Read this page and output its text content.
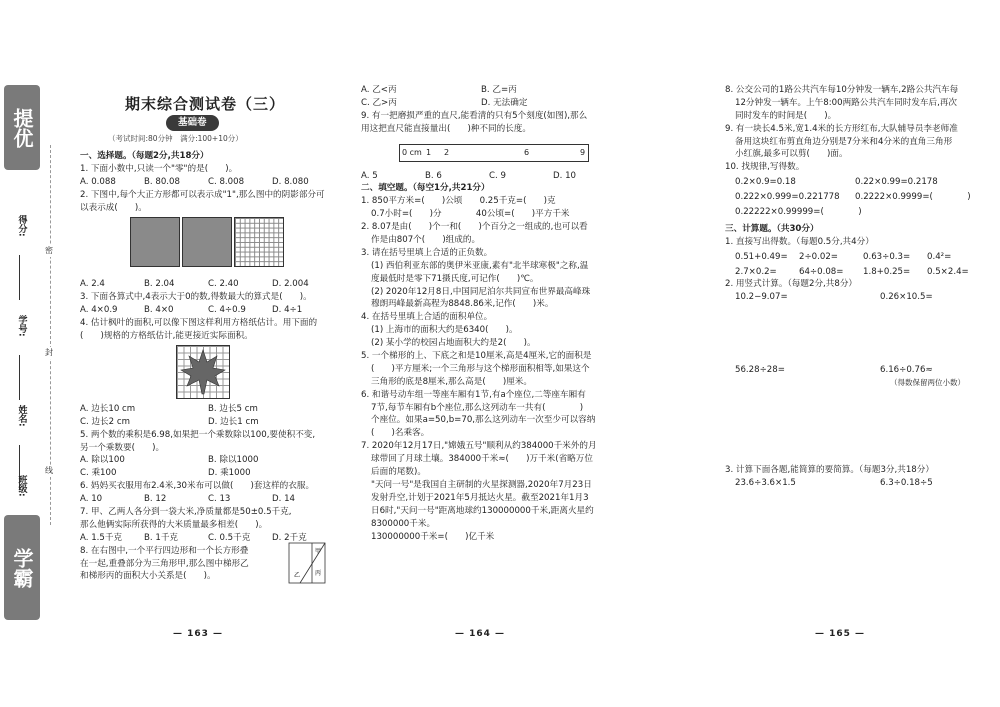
提优
学霸
得分:
学号:
姓名:
班级:
密
封
线
期末综合测试卷（三）
基础卷
（考试时间:80分钟　满分:100+10分）
一、选择题。（每题2分,共18分）
1. 下面小数中,只读一个"零"的是(　　)。
A. 0.088	B. 80.08	C. 8.008	D. 8.080
2. 下图中,每个大正方形都可以表示成"1",那么图中的阴影部分可
以表示成(　　)。
A. 2.4	B. 2.04	C. 2.40	D. 2.004
3. 下面各算式中,4表示大于0的数,得数最大的算式是(　　)。
A. 4×0.9	B. 4×0	C. 4÷0.9	D. 4÷1
4. 估计枫叶的面积,可以像下图这样利用方格纸估计。用下面的
(　　)规格的方格纸估计,能更接近实际面积。
A. 边长10 cm	B. 边长5 cm
C. 边长2 cm	D. 边长1 cm
5. 两个数的乘积是6.98,如果把一个乘数除以100,要使积不变,
另一个乘数要(　　)。
A. 除以100	B. 除以1000
C. 乘100	D. 乘1000
6. 妈妈买衣服用布2.4米,30米布可以做(　　)套这样的衣服。
A. 10	B. 12	C. 13	D. 14
7. 甲、乙两人各分到一袋大米,净质量都是50±0.5千克,
那么他俩实际所获得的大米质量最多相差(　　)。
A. 1.5千克	B. 1千克	C. 0.5千克	D. 2千克
8. 在右图中,一个平行四边形和一个长方形叠
在一起,重叠部分为三角形甲,那么图中梯形乙
和梯形丙的面积大小关系是(　　)。
甲
乙 丙
— 163 —
A. 乙<丙	B. 乙=丙
C. 乙>丙	D. 无法确定
9. 有一把磨损严重的直尺,能看清的只有5个刻度(如图),那么
用这把直尺能直接量出(　　)种不同的长度。
0 cm 1 2	6	9
A. 5	B. 6	C. 9	D. 10
二、填空题。（每空1分,共21分）
1. 850平方米=(　　)公顷　　0.25千克=(　　)克
0.7小时=(　　)分　　　　40公顷=(　　)平方千米
2. 8.07是由(　　)个一和(　　)个百分之一组成的,也可以看
作是由807个(　　)组成的。
3. 请在括号里填上合适的正负数。
(1) 西伯利亚东部的奥伊米亚康,素有"北半球寒极"之称,温
度最低时是零下71摄氏度,可记作(　　)℃。
(2) 2020年12月8日,中国同尼泊尔共同宣布世界最高峰珠
穆朗玛峰最新高程为8848.86米,记作(　　)米。
4. 在括号里填上合适的面积单位。
(1) 上海市的面积大约是6340(　　)。
(2) 某小学的校园占地面积大约是2(　　)。
5. 一个梯形的上、下底之和是10厘米,高是4厘米,它的面积是
(　　)平方厘米;一个三角形与这个梯形面积相等,如果这个
三角形的底是8厘米,那么高是(　　)厘米。
6. 和谐号动车组一等座车厢有1节,有a个座位,二等座车厢有
7节,每节车厢有b个座位,那么这列动车一共有(　　　　)
个座位。如果a=50,b=70,那么这列动车一次至少可以容纳
(　　)名乘客。
7. 2020年12月17日,"嫦娥五号"顺利从约384000千米外的月
球带回了月球土壤。384000千米≈(　　)万千米(省略万位
后面的尾数)。
"天问一号"是我国自主研制的火星探测器,2020年7月23日
发射升空,计划于2021年5月抵达火星。截至2021年1月3
日6时,"天问一号"距离地球约130000000千米,距离火星约
8300000千米。
130000000千米=(　　)亿千米
— 164 —
8. 公交公司的1路公共汽车每10分钟发一辆车,2路公共汽车每
12分钟发一辆车。上午8:00两路公共汽车同时发车后,再次
同时发车的时间是(　　)。
9. 有一块长4.5米,宽1.4米的长方形红布,大队辅导员李老师准
备用这块红布剪直角边分别是7分米和4分米的直角三角形
小红旗,最多可以剪(　　)面。
10. 找规律,写得数。
0.2×0.9=0.18	0.22×0.99=0.2178
0.222×0.999=0.221778	0.2222×0.9999=(　　　　)
0.22222×0.99999=(　　　　)
三、计算题。（共30分）
1. 直接写出得数。（每题0.5分,共4分）
0.51+0.49=	2÷0.02=	0.63÷0.3=	0.4²=
2.7×0.2=	64÷0.08=	1.8+0.25=	0.5×2.4=
2. 用竖式计算。（每题2分,共8分）
10.2−9.07=	0.26×10.5=
56.28÷28=	6.16÷0.76≈
（得数保留两位小数）
3. 计算下面各题,能简算的要简算。（每题3分,共18分）
23.6÷3.6×1.5	6.3÷0.18÷5
— 165 —
